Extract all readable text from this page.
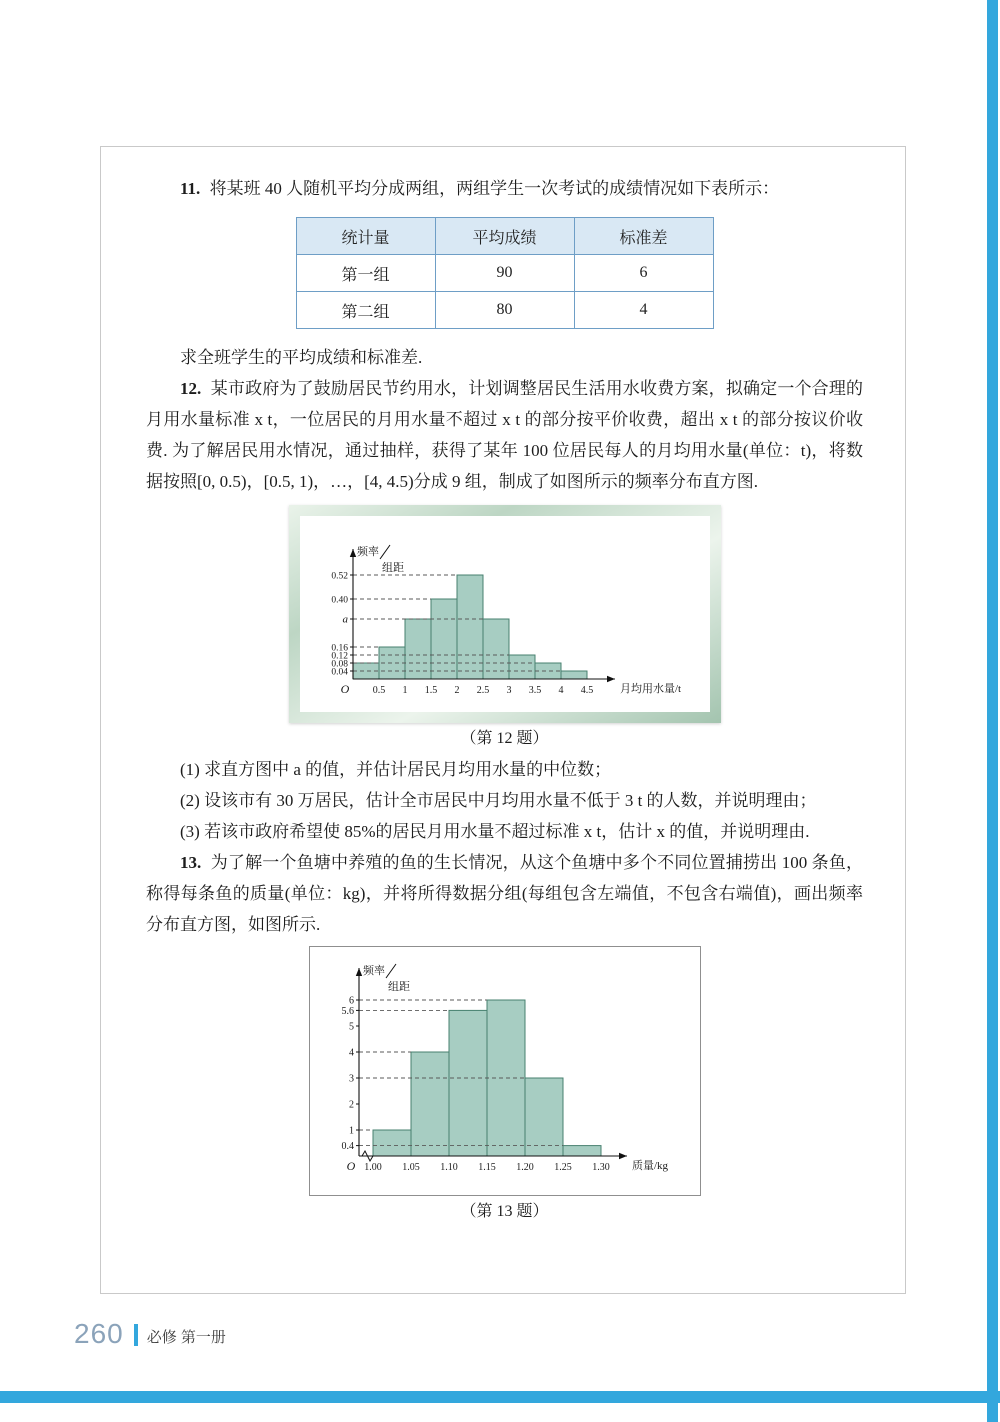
11. 将某班 40 人随机平均分成两组，两组学生一次考试的成绩情况如下表所示：

统计量	平均成绩	标准差
第一组	90	6
第二组	80	4

求全班学生的平均成绩和标准差.

12. 某市政府为了鼓励居民节约用水，计划调整居民生活用水收费方案，拟确定一个合理的月用水量标准 x t，一位居民的月用水量不超过 x t 的部分按平价收费，超出 x t 的部分按议价收费. 为了解居民用水情况，通过抽样，获得了某年 100 位居民每人的月均用水量(单位：t)，将数据按照[0, 0.5)，[0.5, 1)，…，[4, 4.5)分成 9 组，制成了如图所示的频率分布直方图.

0.04
0.08
0.12
0.16
a
0.40
0.52
0.5 1 1.5 2 2.5 3 3.5 4 4.5
O	月均用水量/t
频率
组距

（第 12 题）

(1) 求直方图中 a 的值，并估计居民月均用水量的中位数；

(2) 设该市有 30 万居民，估计全市居民中月均用水量不低于 3 t 的人数，并说明理由；

(3) 若该市政府希望使 85%的居民月用水量不超过标准 x t，估计 x 的值，并说明理由.

13. 为了解一个鱼塘中养殖的鱼的生长情况，从这个鱼塘中多个不同位置捕捞出 100 条鱼，称得每条鱼的质量(单位：kg)，并将所得数据分组(每组包含左端值，不包含右端值)，画出频率分布直方图，如图所示.

0.4
1
2
3
4
5
5.6
6
1.00 1.05 1.10 1.15 1.20 1.25 1.30
O	质量/kg
频率
组距

（第 13 题）

260 必修 第一册
